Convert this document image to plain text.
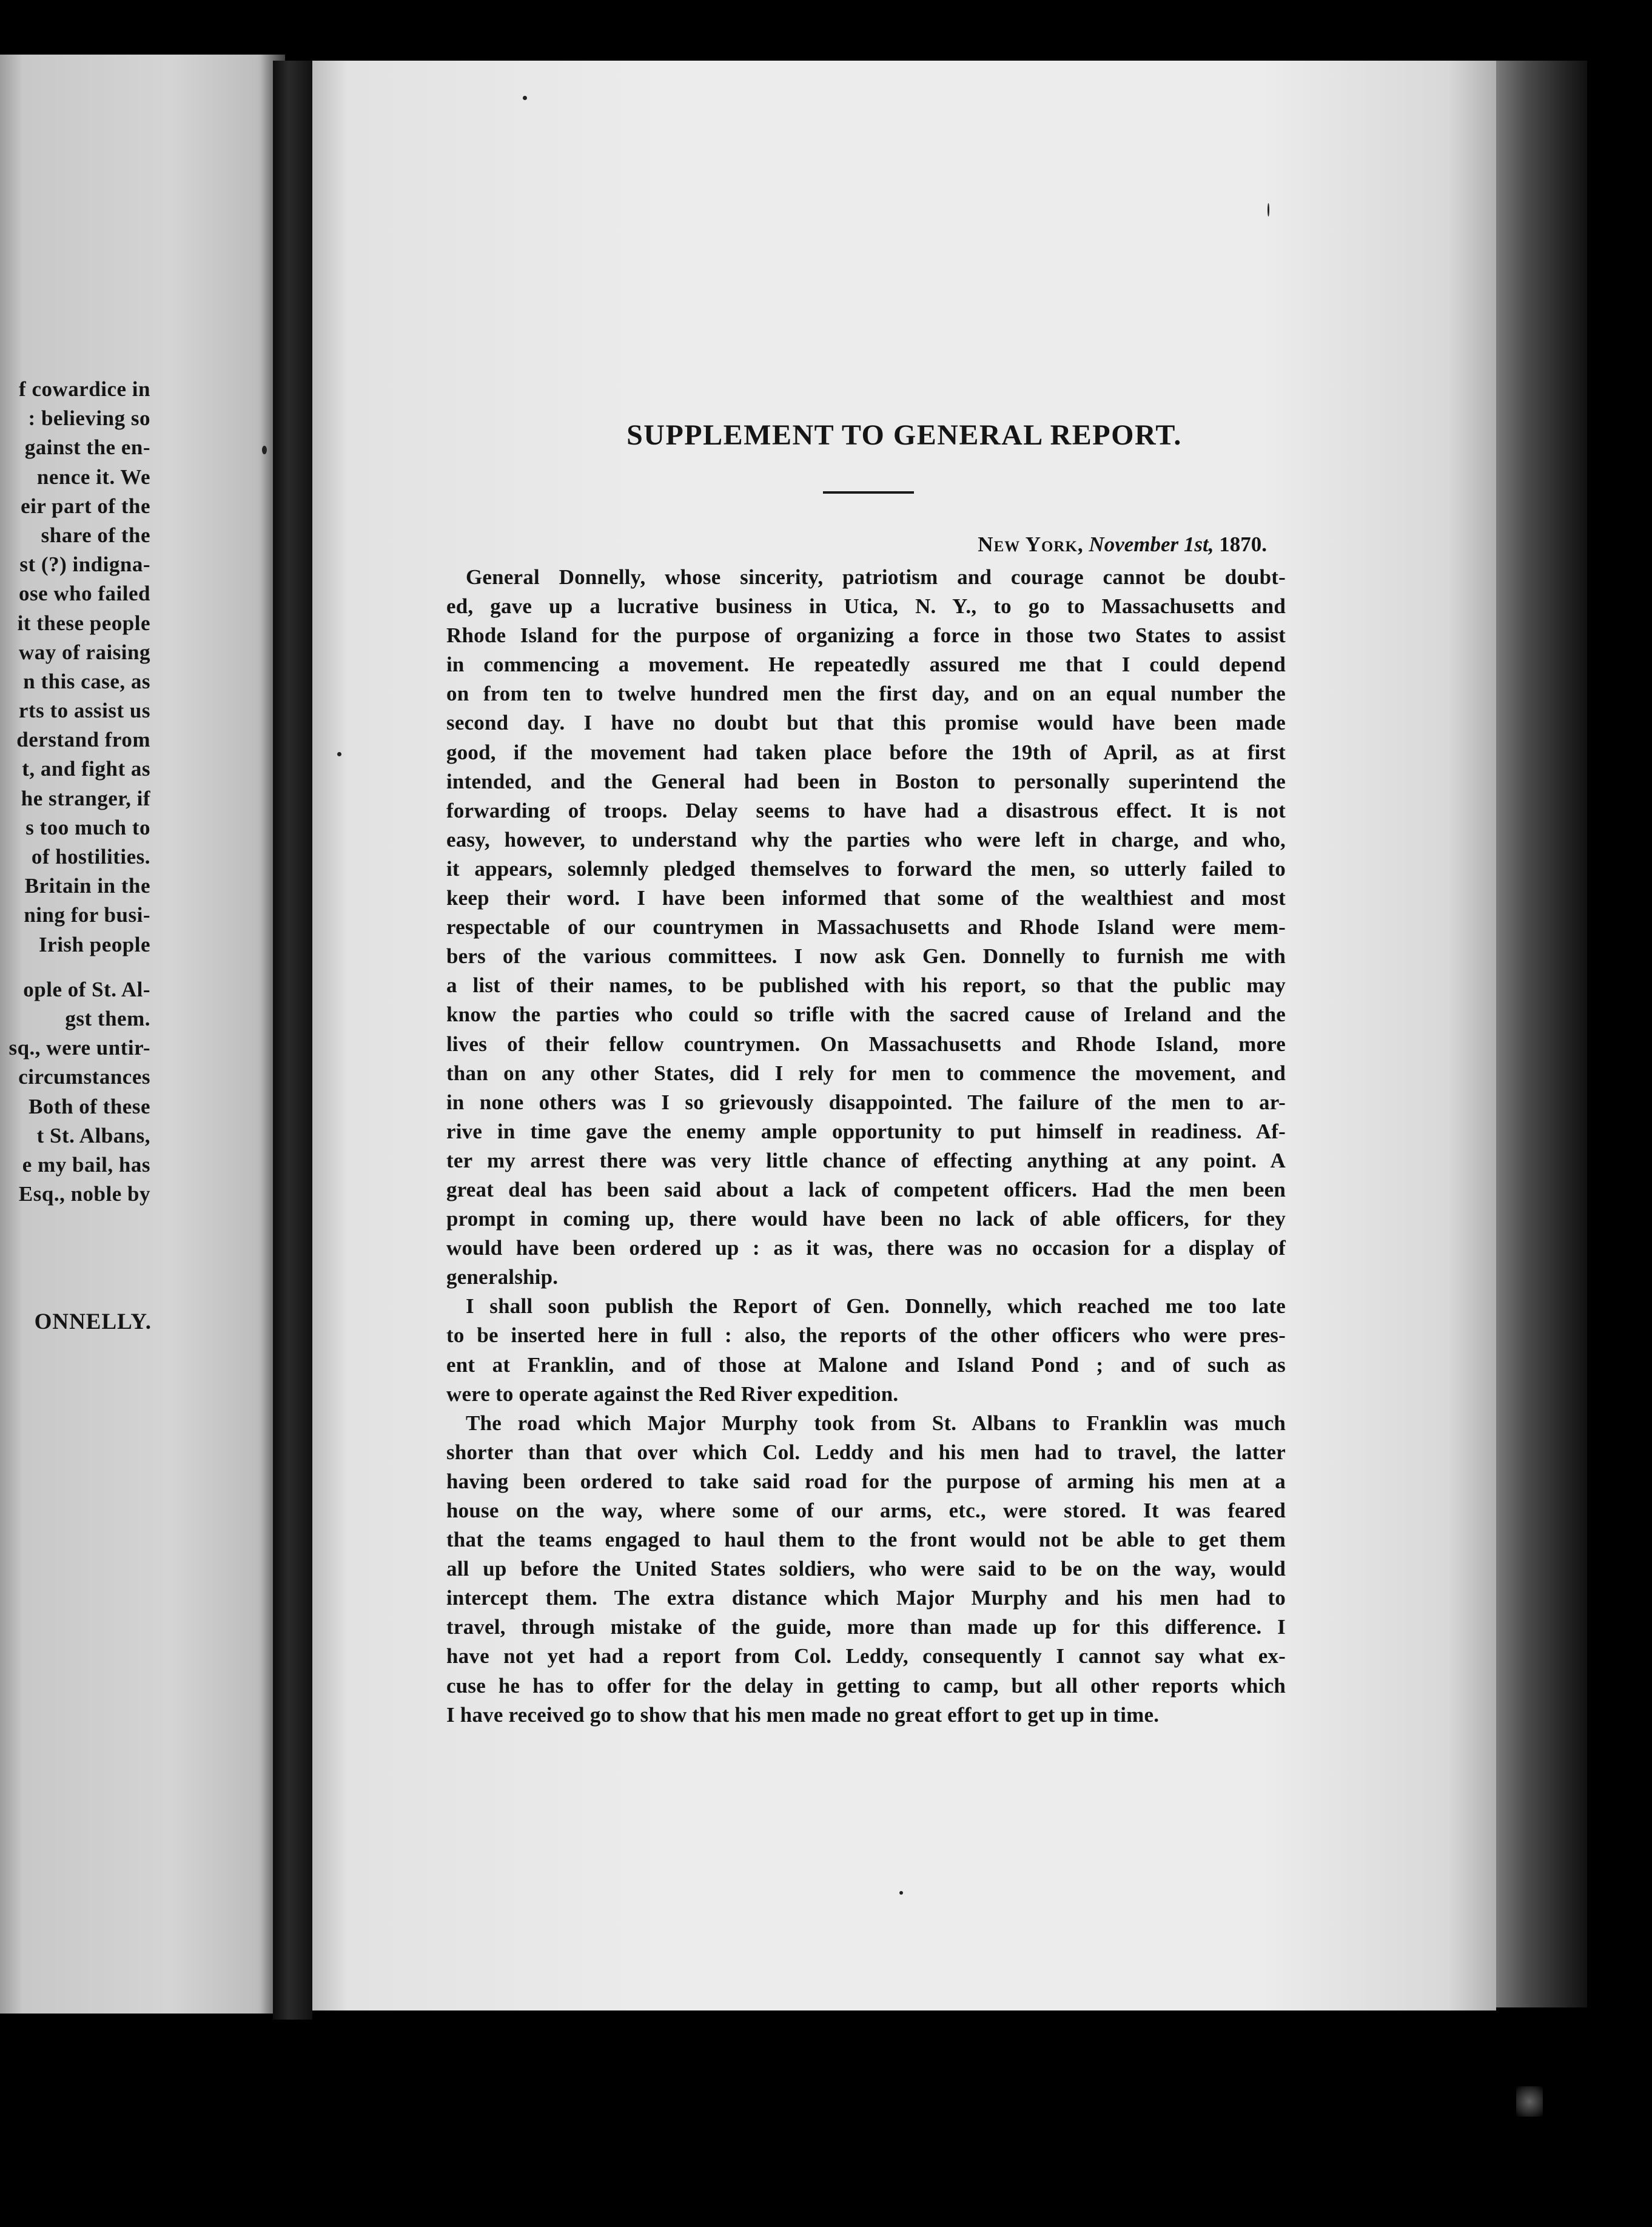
f cowardice in
: believing so
gainst the en-
nence it. We
eir part of the
share of the
st (?) indigna-
ose who failed
it these people
way of raising
n this case, as
rts to assist us
derstand from
t, and fight as
he stranger, if
s too much to
of hostilities.
Britain in the
ning for busi-
Irish people
ople of St. Al-
gst them.
sq., were untir-
circumstances
Both of these
t St. Albans,
e my bail, has
Esq., noble by
ONNELLY.
SUPPLEMENT TO GENERAL REPORT.
New York, November 1st, 1870.
General Donnelly, whose sincerity, patriotism and courage cannot be doubt-
ed, gave up a lucrative business in Utica, N. Y., to go to Massachusetts and
Rhode Island for the purpose of organizing a force in those two States to assist
in commencing a movement. He repeatedly assured me that I could depend
on from ten to twelve hundred men the first day, and on an equal number the
second day. I have no doubt but that this promise would have been made
good, if the movement had taken place before the 19th of April, as at first
intended, and the General had been in Boston to personally superintend the
forwarding of troops. Delay seems to have had a disastrous effect. It is not
easy, however, to understand why the parties who were left in charge, and who,
it appears, solemnly pledged themselves to forward the men, so utterly failed to
keep their word. I have been informed that some of the wealthiest and most
respectable of our countrymen in Massachusetts and Rhode Island were mem-
bers of the various committees. I now ask Gen. Donnelly to furnish me with
a list of their names, to be published with his report, so that the public may
know the parties who could so trifle with the sacred cause of Ireland and the
lives of their fellow countrymen. On Massachusetts and Rhode Island, more
than on any other States, did I rely for men to commence the movement, and
in none others was I so grievously disappointed. The failure of the men to ar-
rive in time gave the enemy ample opportunity to put himself in readiness. Af-
ter my arrest there was very little chance of effecting anything at any point. A
great deal has been said about a lack of competent officers. Had the men been
prompt in coming up, there would have been no lack of able officers, for they
would have been ordered up : as it was, there was no occasion for a display of
generalship.
I shall soon publish the Report of Gen. Donnelly, which reached me too late
to be inserted here in full : also, the reports of the other officers who were pres-
ent at Franklin, and of those at Malone and Island Pond ; and of such as
were to operate against the Red River expedition.
The road which Major Murphy took from St. Albans to Franklin was much
shorter than that over which Col. Leddy and his men had to travel, the latter
having been ordered to take said road for the purpose of arming his men at a
house on the way, where some of our arms, etc., were stored. It was feared
that the teams engaged to haul them to the front would not be able to get them
all up before the United States soldiers, who were said to be on the way, would
intercept them. The extra distance which Major Murphy and his men had to
travel, through mistake of the guide, more than made up for this difference. I
have not yet had a report from Col. Leddy, consequently I cannot say what ex-
cuse he has to offer for the delay in getting to camp, but all other reports which
I have received go to show that his men made no great effort to get up in time.
